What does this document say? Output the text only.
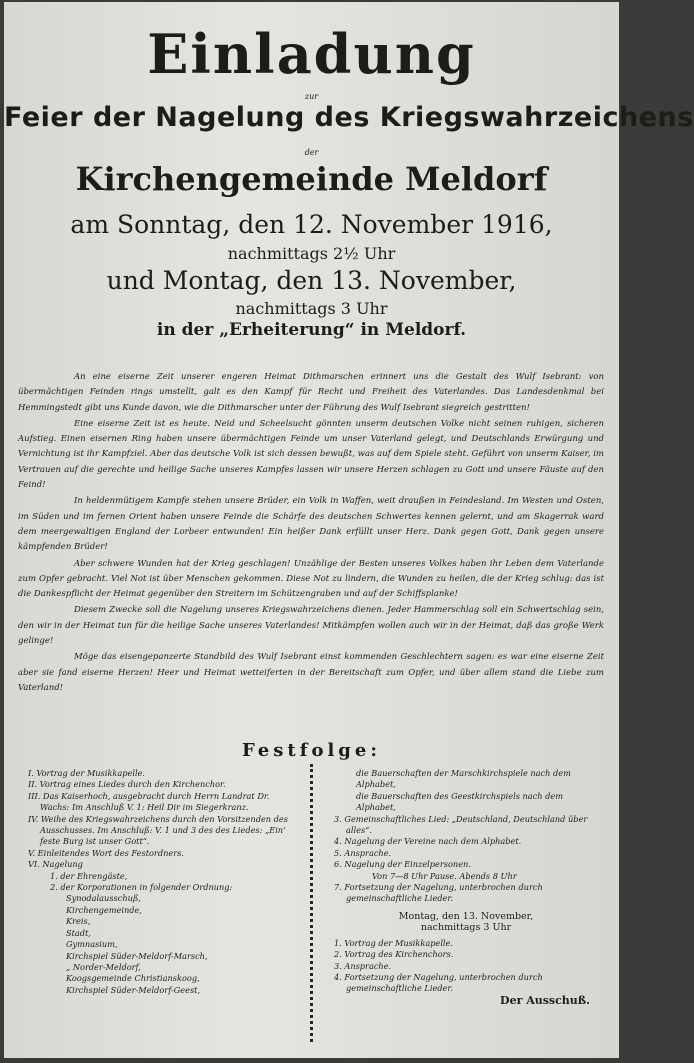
Einladung
zur
Feier der Nagelung des Kriegswahrzeichens
der
Kirchengemeinde Meldorf
am Sonntag, den 12. November 1916,
nachmittags 2½ Uhr
und Montag, den 13. November,
nachmittags 3 Uhr
in der „Erheiterung“ in Meldorf.

An eine eiserne Zeit unserer engeren Heimat Dithmarschen erinnert uns die Gestalt des Wulf Isebrant: von übermächtigen Feinden rings umstellt, galt es den Kampf für Recht und Freiheit des Vaterlandes. Das Landesdenkmal bei Hemmingstedt gibt uns Kunde davon, wie die Dithmarscher unter der Führung des Wulf Isebrant siegreich gestritten!

Eine eiserne Zeit ist es heute. Neid und Scheelsucht gönnten unserm deutschen Volke nicht seinen ruhigen, sicheren Aufstieg. Einen eisernen Ring haben unsere übermächtigen Feinde um unser Vaterland gelegt, und Deutschlands Erwürgung und Vernichtung ist ihr Kampfziel. Aber das deutsche Volk ist sich dessen bewußt, was auf dem Spiele steht. Geführt von unserm Kaiser, im Vertrauen auf die gerechte und heilige Sache unseres Kampfes lassen wir unsere Herzen schlagen zu Gott und unsere Fäuste auf den Feind!

In heldenmütigem Kampfe stehen unsere Brüder, ein Volk in Waffen, weit draußen in Feindesland. Im Westen und Osten, im Süden und im fernen Orient haben unsere Feinde die Schärfe des deutschen Schwertes kennen gelernt, und am Skagerrak ward dem meergewaltigen England der Lorbeer entwunden! Ein heißer Dank erfüllt unser Herz. Dank gegen Gott, Dank gegen unsere kämpfenden Brüder!

Aber schwere Wunden hat der Krieg geschlagen! Unzählige der Besten unseres Volkes haben ihr Leben dem Vaterlande zum Opfer gebracht. Viel Not ist über Menschen gekommen. Diese Not zu lindern, die Wunden zu heilen, die der Krieg schlug: das ist die Dankespflicht der Heimat gegenüber den Streitern im Schützengraben und auf der Schiffsplanke!

Diesem Zwecke soll die Nagelung unseres Kriegswahrzeichens dienen. Jeder Hammerschlag soll ein Schwertschlag sein, den wir in der Heimat tun für die heilige Sache unseres Vaterlandes! Mitkämpfen wollen auch wir in der Heimat, daß das große Werk gelinge!

Möge das eisengepanzerte Standbild des Wulf Isebrant einst kommenden Geschlechtern sagen: es war eine eiserne Zeit aber sie fand eiserne Herzen! Heer und Heimat wetteiferten in der Bereitschaft zum Opfer, und über allem stand die Liebe zum Vaterland!

Festfolge:
I. Vortrag der Musikkapelle.
II. Vortrag eines Liedes durch den Kirchenchor.
III. Das Kaiserhoch, ausgebracht durch Herrn Landrat Dr. Wachs: Im Anschluß V. 1: Heil Dir im Siegerkranz.
IV. Weihe des Kriegswahrzeichens durch den Vorsitzenden des Ausschusses. Im Anschluß: V. 1 und 3 des des Liedes: „Ein' feste Burg ist unser Gott“.
V. Einleitendes Wort des Festordners.
VI. Nagelung
1. der Ehrengäste,
2. der Korporationen in folgender Ordnung:
Synodalausschuß,
Kirchengemeinde,
Kreis,
Stadt,
Gymnasium,
Kirchspiel Süder-Meldorf-Marsch,
„ Norder-Meldorf,
Koogsgemeinde Christianskoog,
Kirchspiel Süder-Meldorf-Geest,
die Bauerschaften der Marschkirchspiele nach dem Alphabet,
die Bauerschaften des Geestkirchspiels nach dem Alphabet,
3. Gemeinschaftliches Lied: „Deutschland, Deutschland über alles“.
4. Nagelung der Vereine nach dem Alphabet.
5. Ansprache.
6. Nagelung der Einzelpersonen.
Von 7—8 Uhr Pause. Abends 8 Uhr
7. Fortsetzung der Nagelung, unterbrochen durch gemeinschaftliche Lieder.
Montag, den 13. November,
nachmittags 3 Uhr
1. Vortrag der Musikkapelle.
2. Vortrag des Kirchenchors.
3. Ansprache.
4. Fortsetzung der Nagelung, unterbrochen durch gemeinschaftliche Lieder.
Der Ausschuß.
